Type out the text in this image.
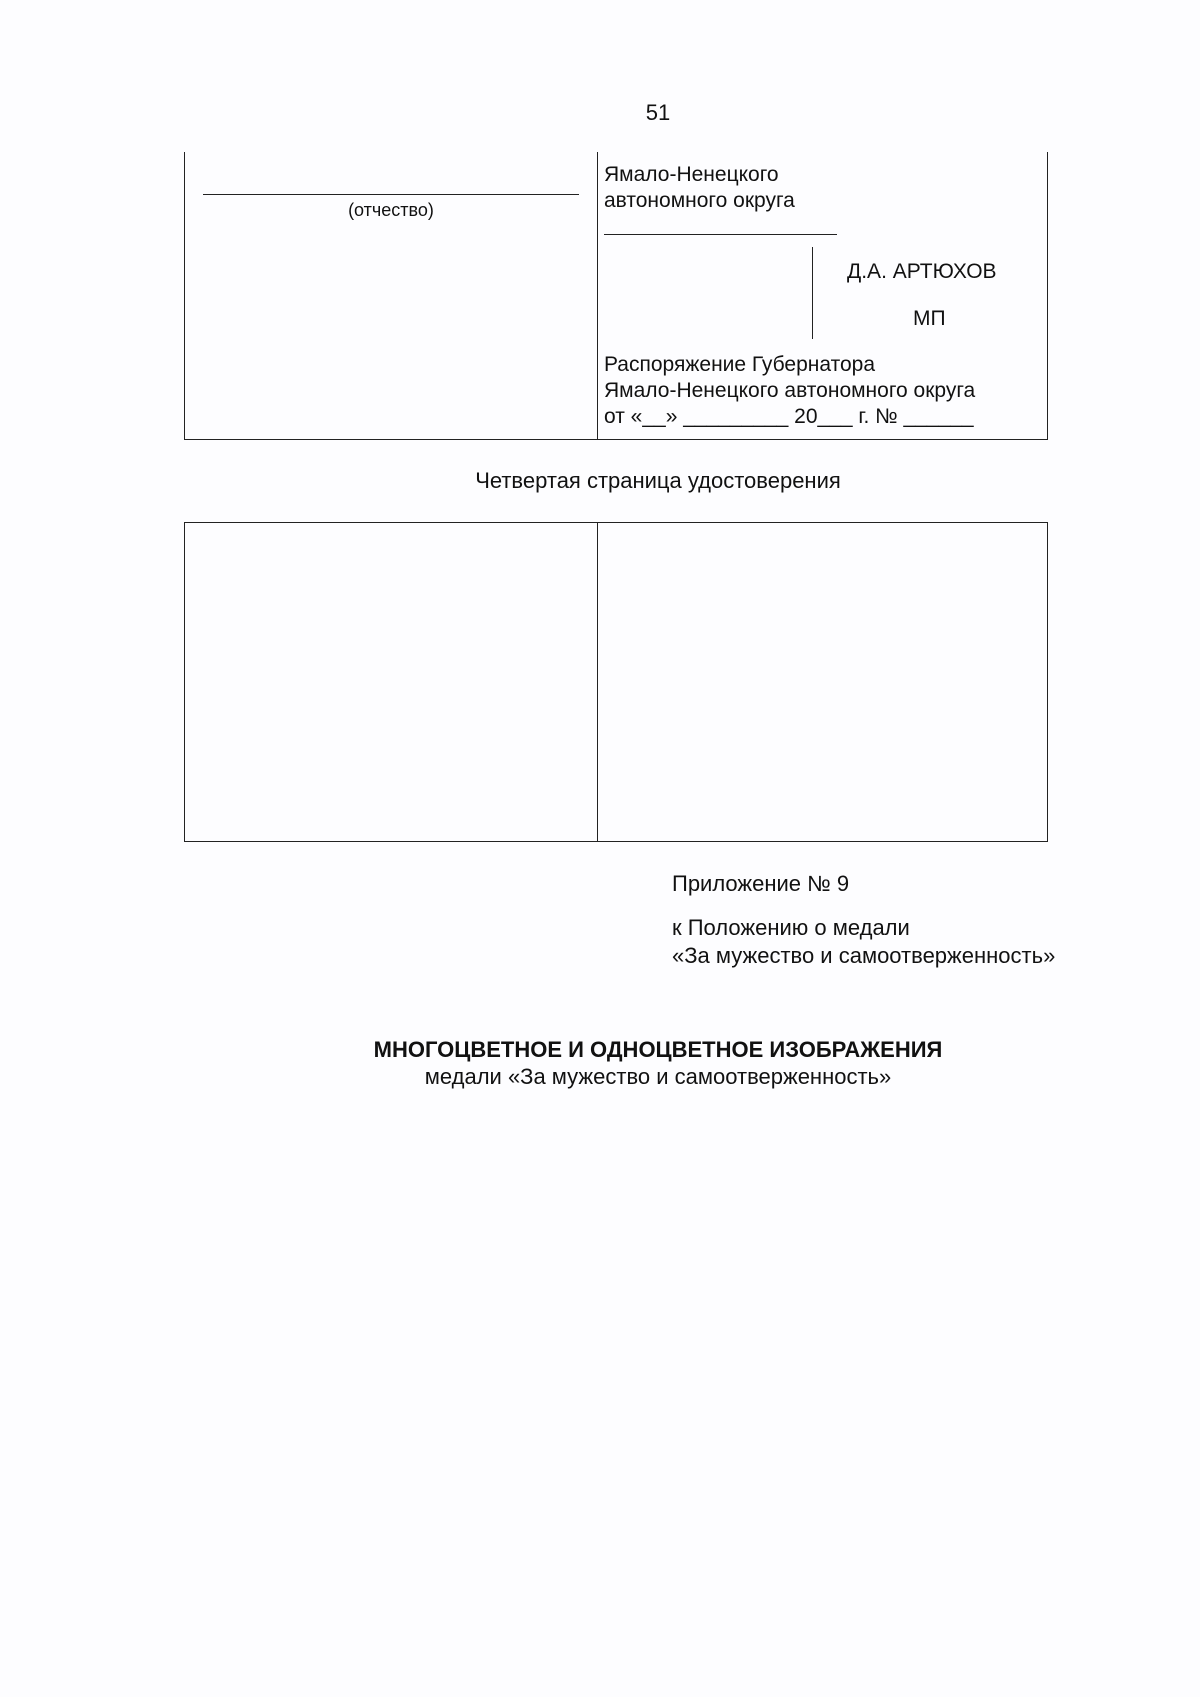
51
(отчество)
Ямало-Ненецкого
автономного округа
Д.А. АРТЮХОВ
МП
Распоряжение Губернатора
Ямало-Ненецкого автономного округа
от «__» _________ 20___ г. № ______
Четвертая страница удостоверения
Приложение № 9
к Положению о медали
«За мужество и самоотверженность»
МНОГОЦВЕТНОЕ И ОДНОЦВЕТНОЕ ИЗОБРАЖЕНИЯ
медали «За мужество и самоотверженность»
